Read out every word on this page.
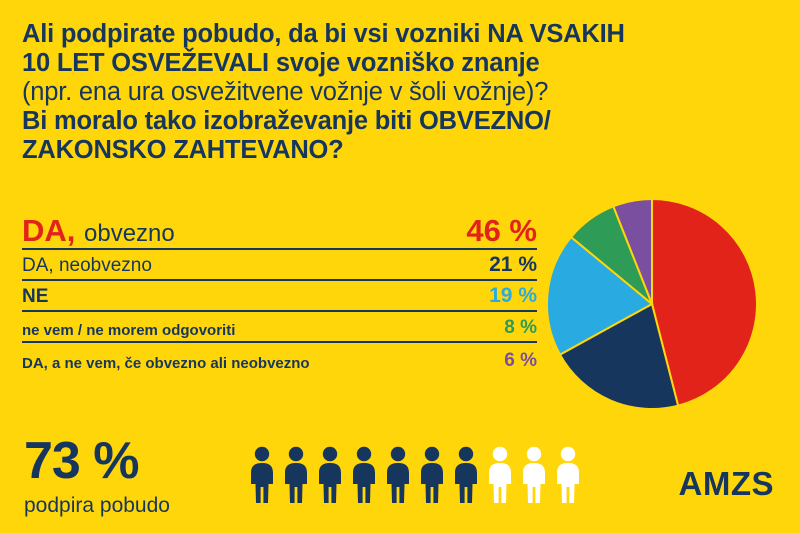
Ali podpirate pobudo, da bi vsi vozniki NA VSAKIH
10 LET OSVEŽEVALI svoje vozniško znanje
(npr. ena ura osvežitvene vožnje v šoli vožnje)?
Bi moralo tako izobraževanje biti OBVEZNO/
ZAKONSKO ZAHTEVANO?
DA, obvezno	46 %
DA, neobvezno	21 %
NE	19 %
ne vem / ne morem odgovoriti	8 %
DA, a ne vem, če obvezno ali neobvezno	6 %
73 %
podpira pobudo
AMZS
